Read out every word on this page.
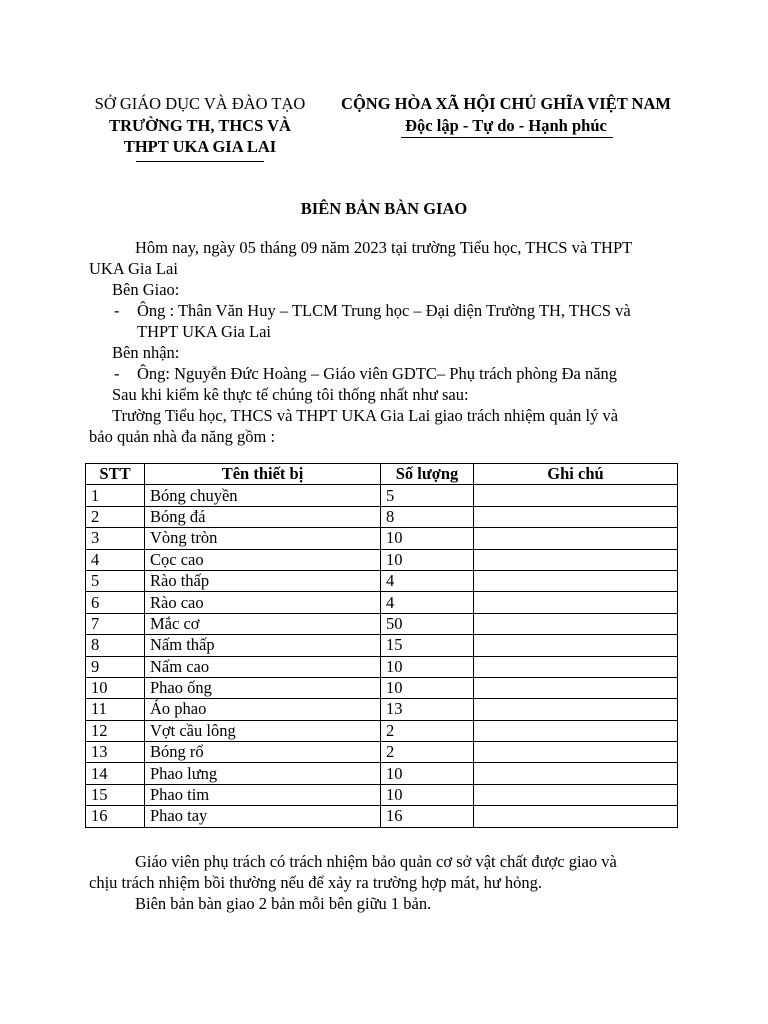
SỞ GIÁO DỤC VÀ ĐÀO TẠO
TRƯỜNG TH, THCS VÀ
THPT UKA GIA LAI
CỘNG HÒA XÃ HỘI CHỦ GHĨA VIỆT NAM
Độc lập - Tự do - Hạnh phúc
BIÊN BẢN BÀN GIAO
Hôm nay, ngày 05 tháng 09 năm 2023 tại trường Tiểu học, THCS và THPT
UKA Gia Lai
Bên Giao:
- Ông : Thân Văn Huy – TLCM Trung học – Đại diện Trường TH, THCS và
THPT UKA Gia Lai
Bên nhận:
- Ông: Nguyễn Đức Hoàng – Giáo viên GDTC– Phụ trách phòng Đa năng
Sau khi kiểm kê thực tế chúng tôi thống nhất như sau:
Trường Tiểu học, THCS và THPT UKA Gia Lai giao trách nhiệm quản lý và
bảo quản nhà đa năng gồm :
STT	Tên thiết bị	Số lượng	Ghi chú
1	Bóng chuyền	5	
2	Bóng đá	8	
3	Vòng tròn	10	
4	Cọc cao	10	
5	Rào thấp	4	
6	Rào cao	4	
7	Mắc cơ	50	
8	Nấm thấp	15	
9	Nấm cao	10	
10	Phao ống	10	
11	Áo phao	13	
12	Vợt cầu lông	2	
13	Bóng rổ	2	
14	Phao lưng	10	
15	Phao tim	10	
16	Phao tay	16	
Giáo viên phụ trách có trách nhiệm bảo quản cơ sở vật chất được giao và
chịu trách nhiệm bồi thường nếu để xảy ra trường hợp mát, hư hỏng.
Biên bản bàn giao 2 bản mỗi bên giữu 1 bản.
